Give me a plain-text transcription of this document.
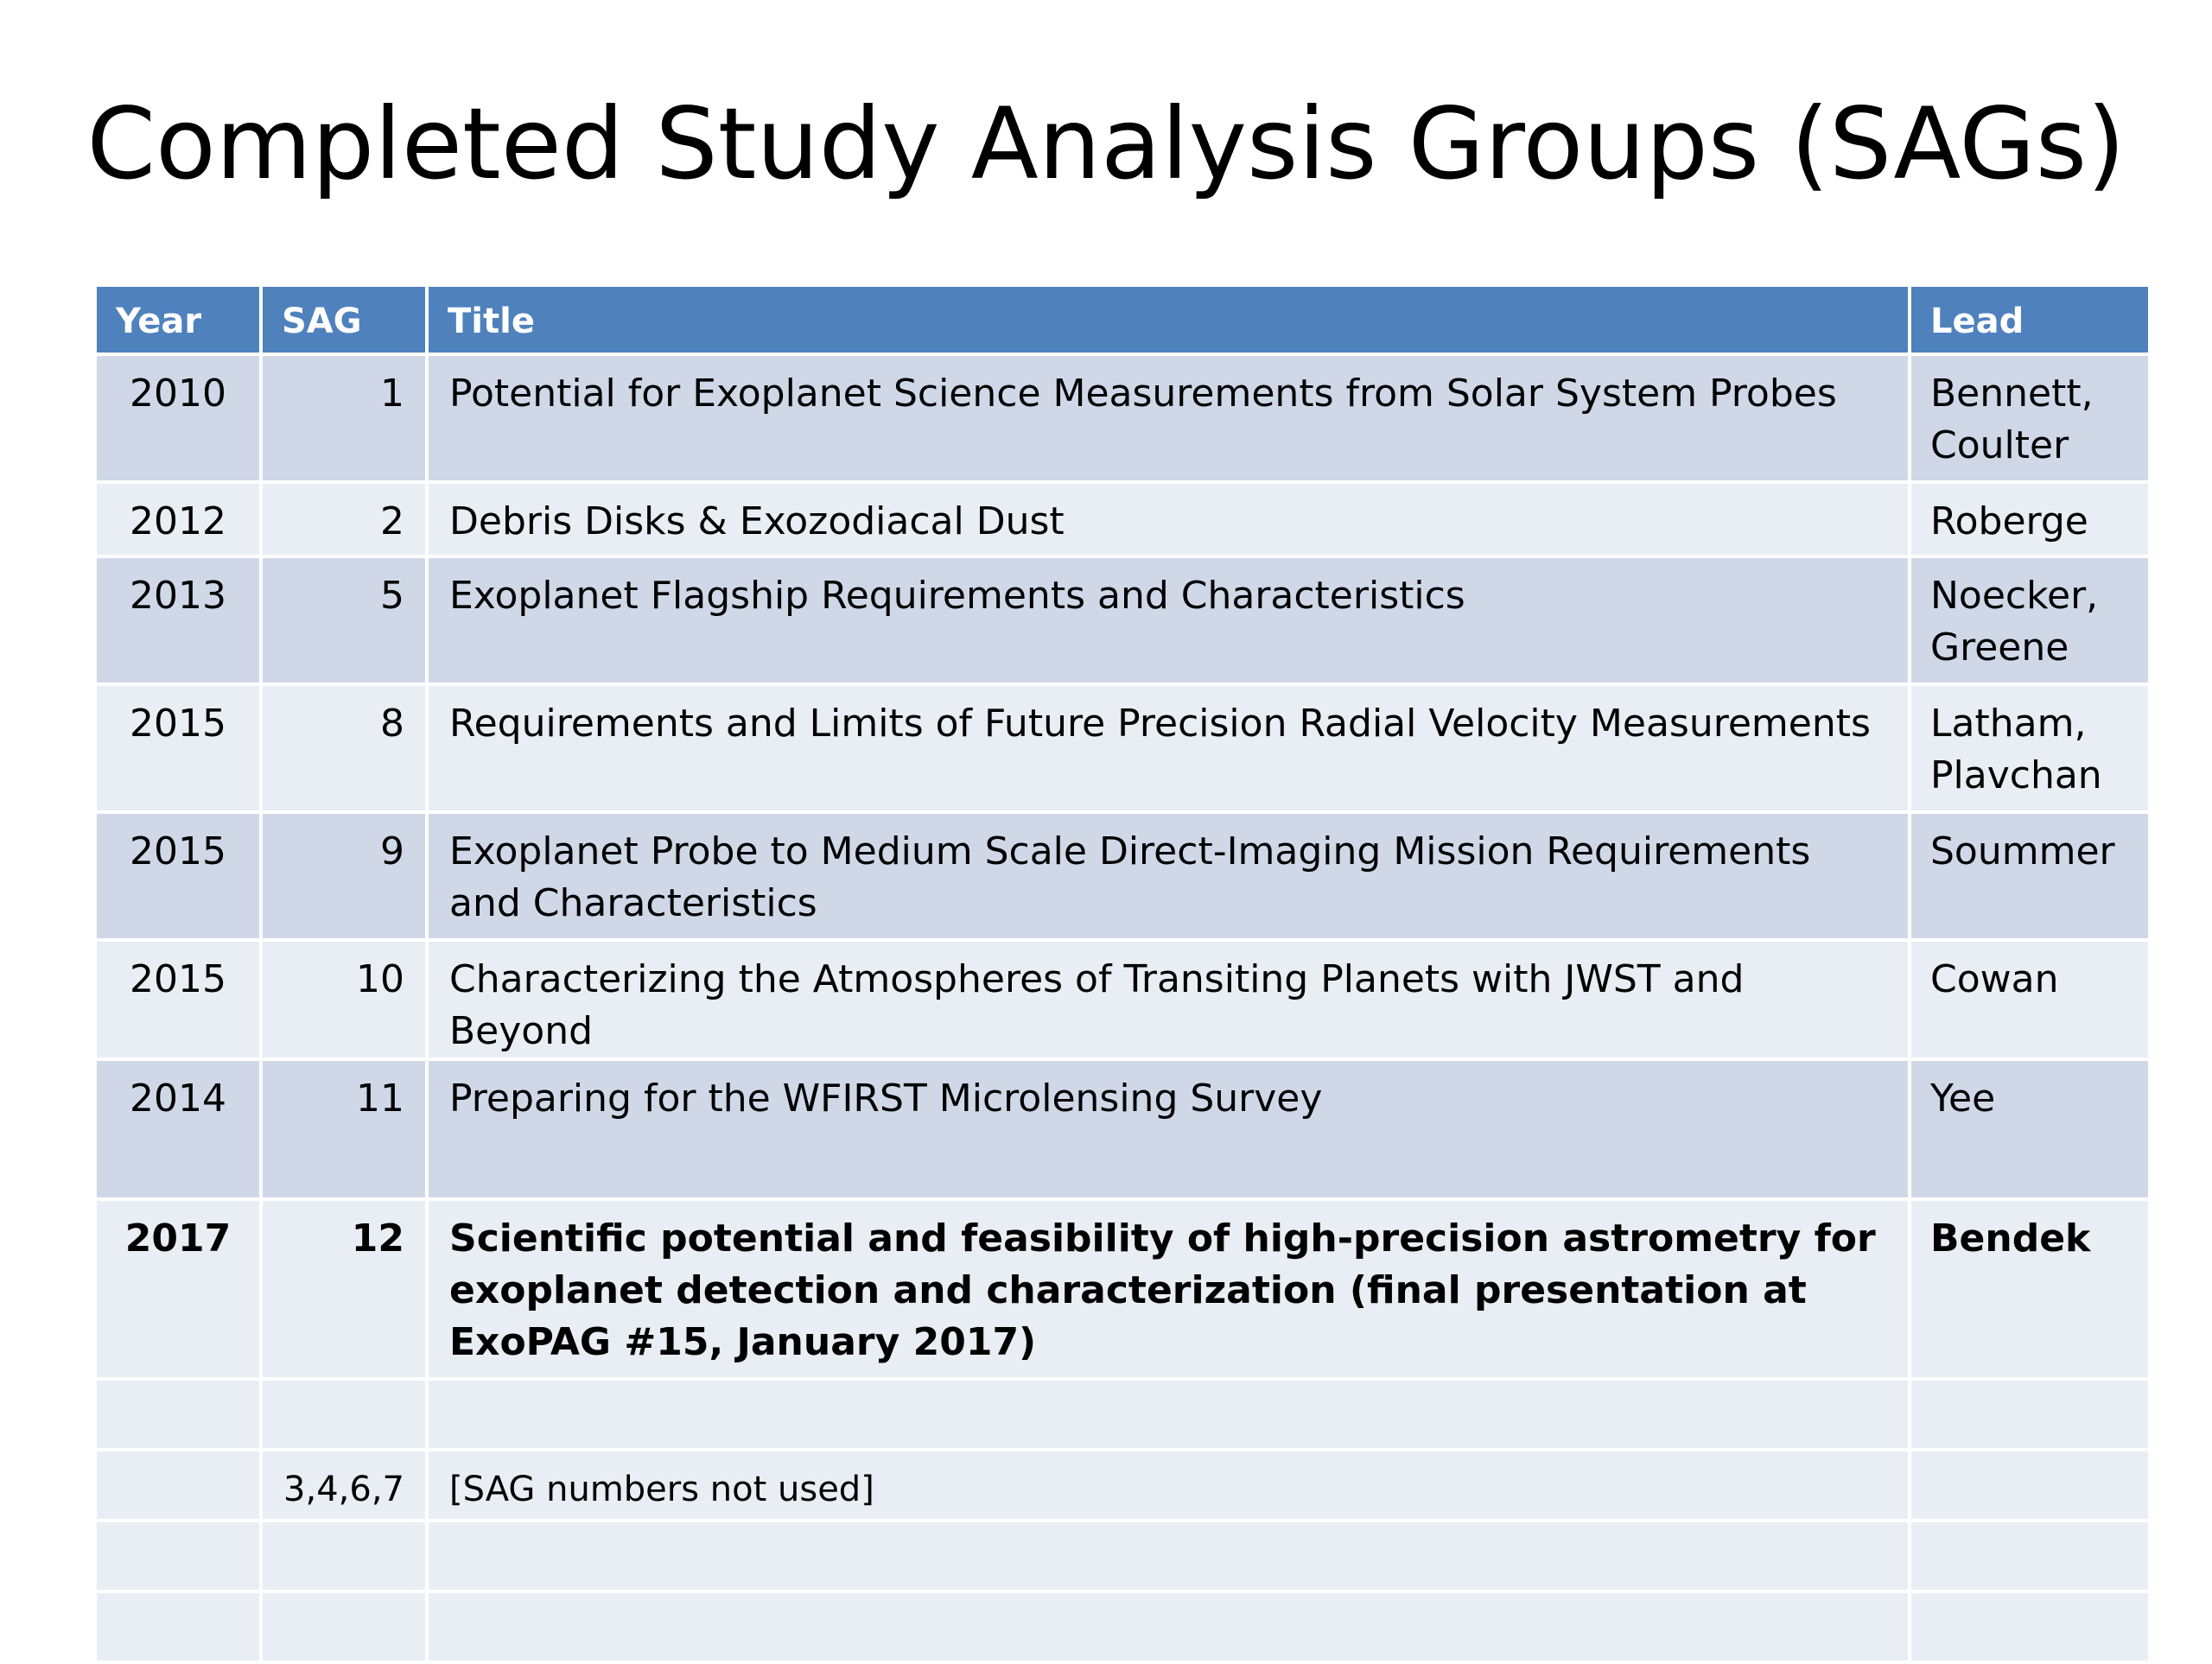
Completed Study Analysis Groups (SAGs)
Year	SAG	Title	Lead
2010	1	Potential for Exoplanet Science Measurements from Solar System Probes	Bennett, Coulter
2012	2	Debris Disks & Exozodiacal Dust	Roberge
2013	5	Exoplanet Flagship Requirements and Characteristics	Noecker, Greene
2015	8	Requirements and Limits of Future Precision Radial Velocity Measurements	Latham, Plavchan
2015	9	Exoplanet Probe to Medium Scale Direct-Imaging Mission Requirements and Characteristics	Soummer
2015	10	Characterizing the Atmospheres of Transiting Planets with JWST and Beyond	Cowan
2014	11	Preparing for the WFIRST Microlensing Survey	Yee
2017	12	Scientific potential and feasibility of high-precision astrometry for exoplanet detection and characterization (final presentation at ExoPAG #15, January 2017)	Bendek

	3,4,6,7	[SAG numbers not used]	
